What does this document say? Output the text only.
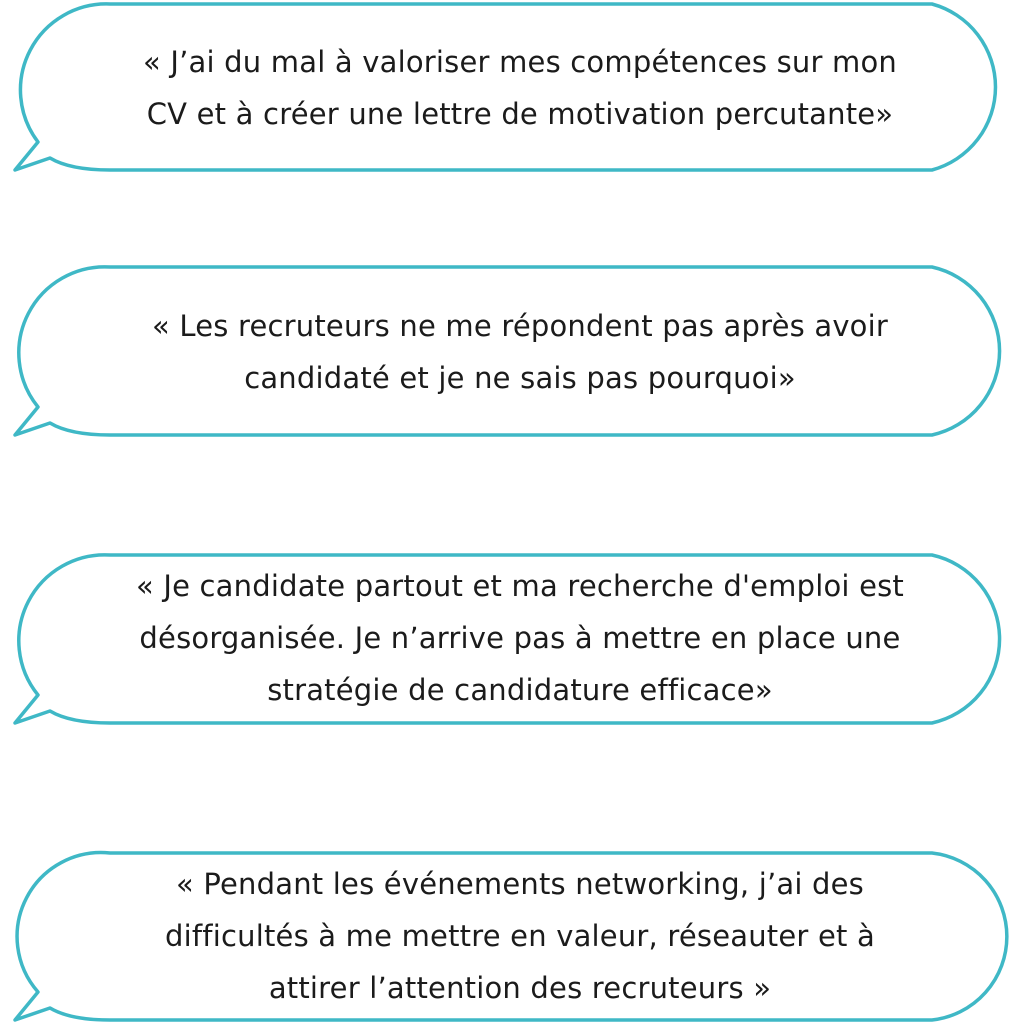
« J’ai du mal à valoriser mes compétences sur mon
CV et à créer une lettre de motivation percutante»
« Les recruteurs ne me répondent pas après avoir
candidaté et je ne sais pas pourquoi»
« Je candidate partout et ma recherche d'emploi est
désorganisée. Je n’arrive pas à mettre en place une
stratégie de candidature efficace»
« Pendant les événements networking, j’ai des
difficultés à me mettre en valeur, réseauter et à
attirer l’attention des recruteurs »
